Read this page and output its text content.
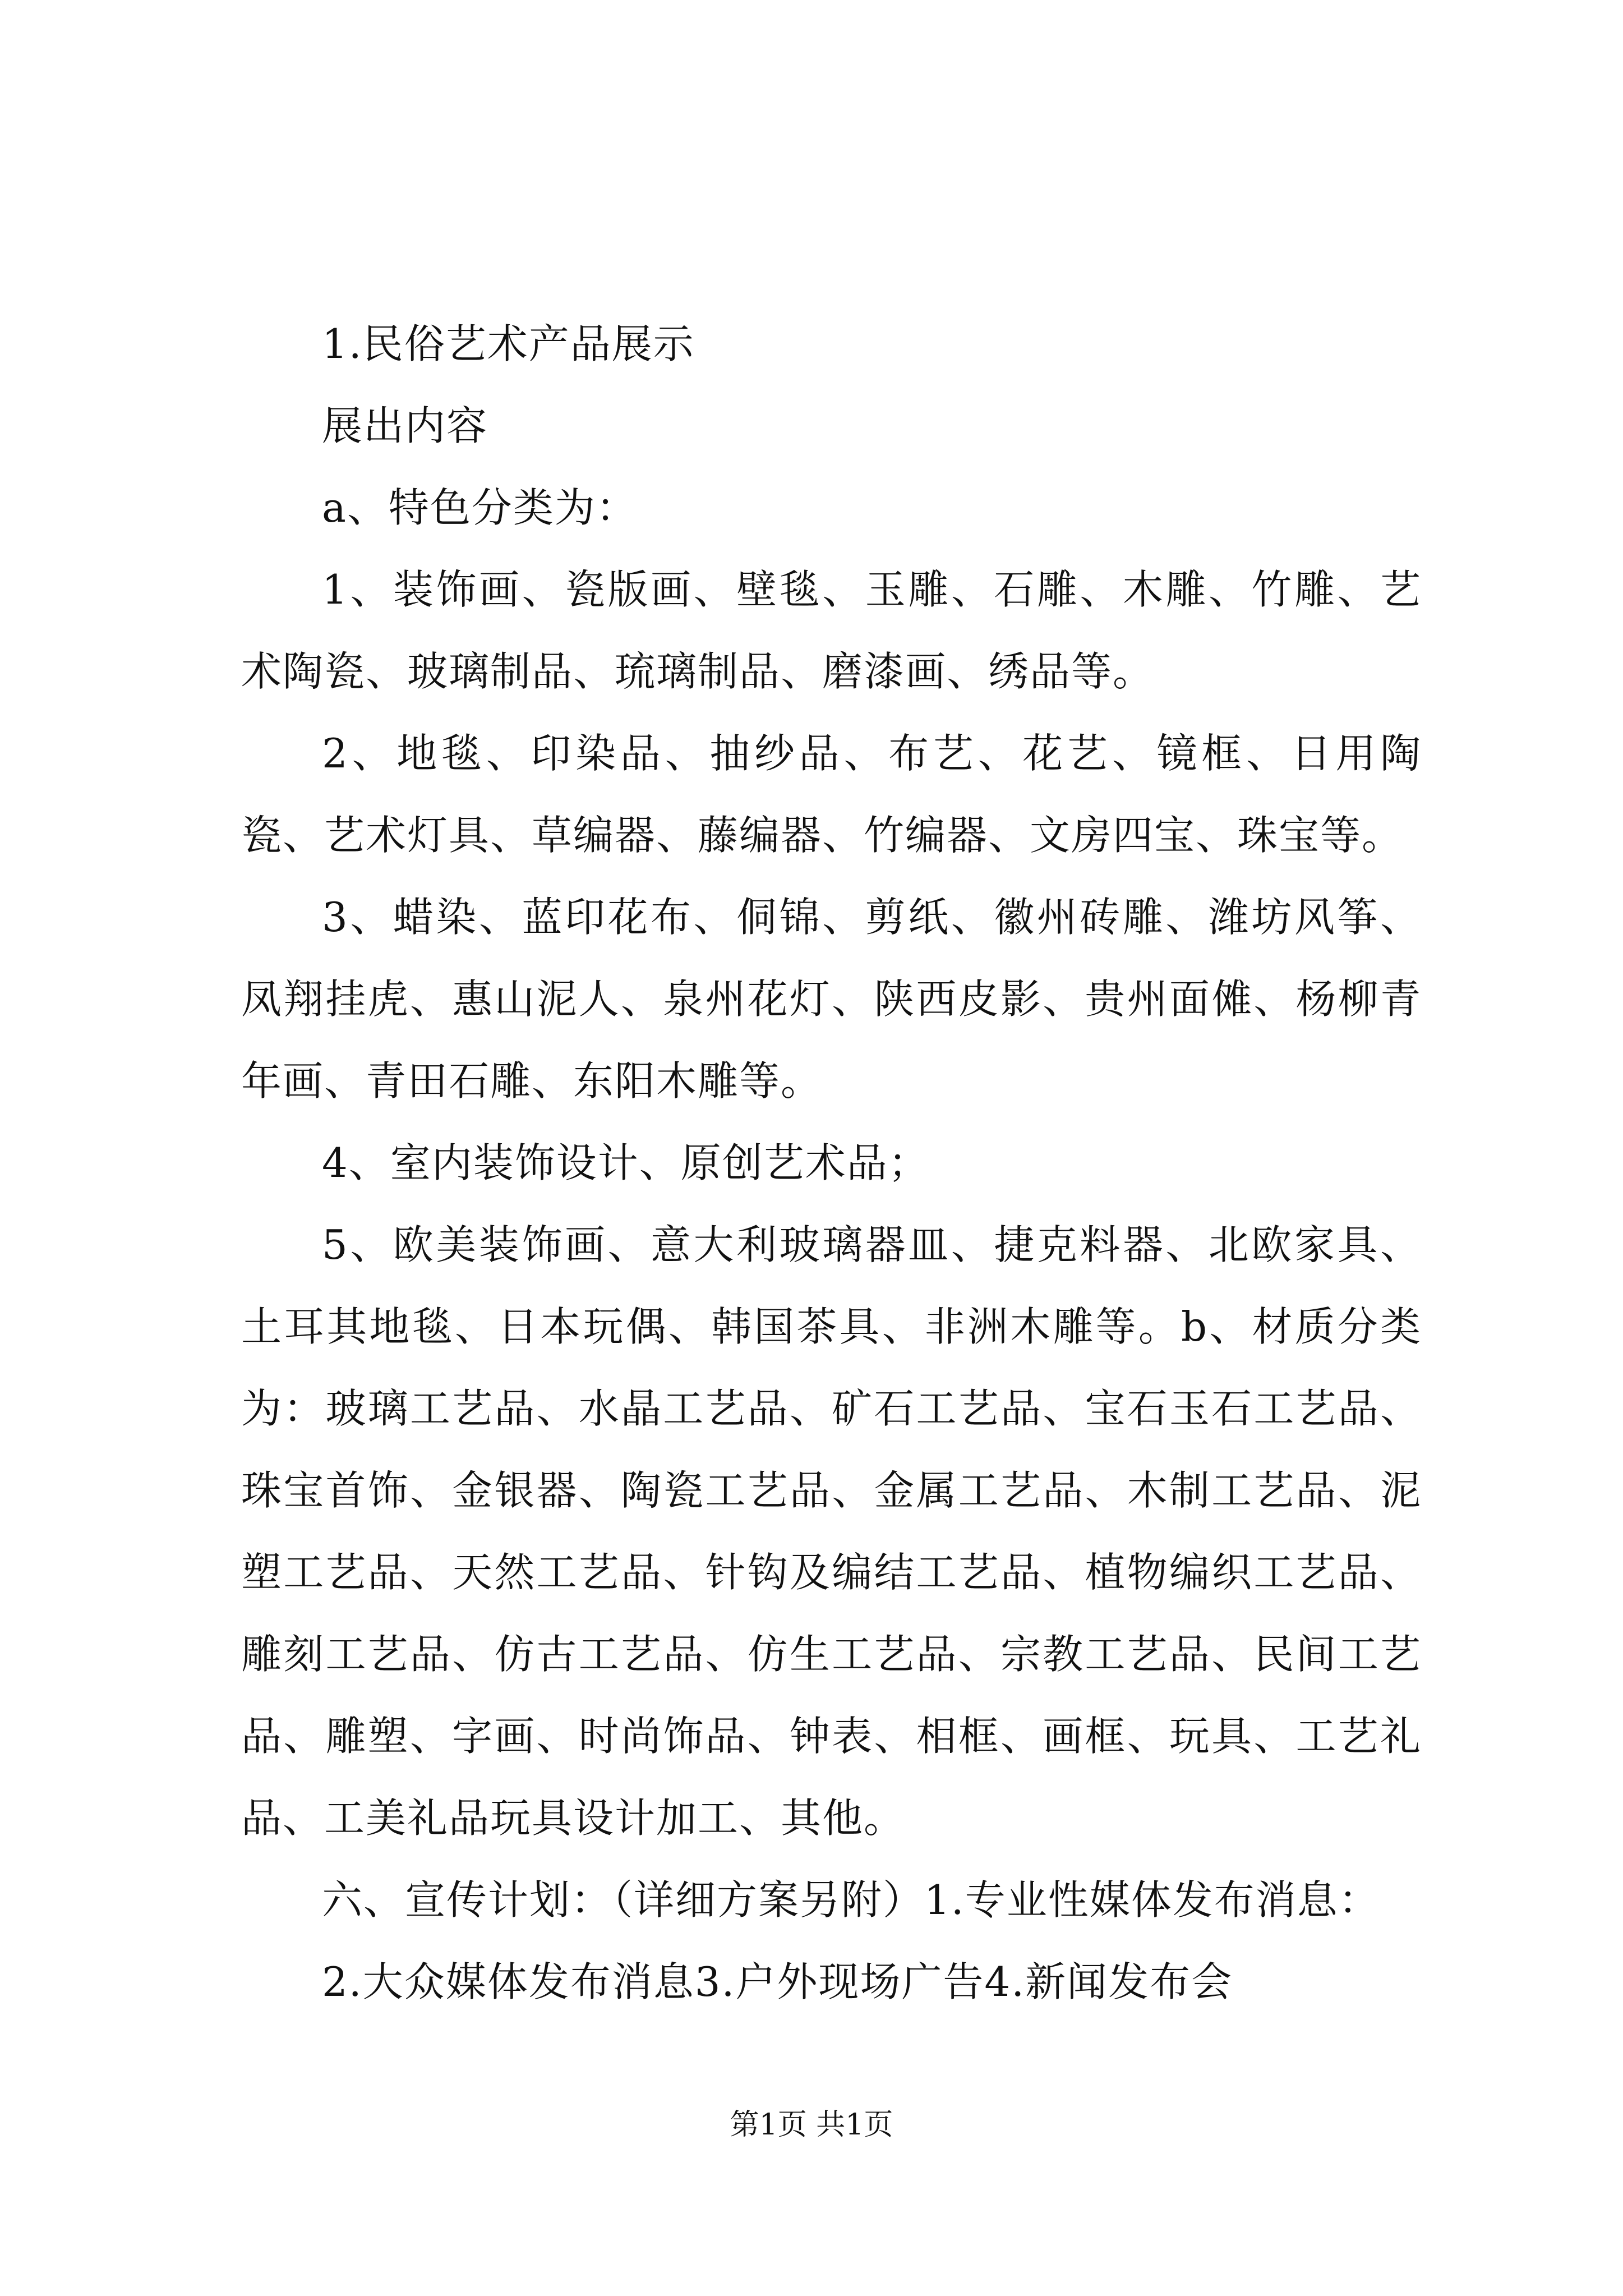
1.民俗艺术产品展示

展出内容

a、特色分类为：

1、装饰画、瓷版画、壁毯、玉雕、石雕、木雕、竹雕、艺术陶瓷、玻璃制品、琉璃制品、磨漆画、绣品等。

2、地毯、印染品、抽纱品、布艺、花艺、镜框、日用陶瓷、艺术灯具、草编器、藤编器、竹编器、文房四宝、珠宝等。

3、蜡染、蓝印花布、侗锦、剪纸、徽州砖雕、潍坊风筝、凤翔挂虎、惠山泥人、泉州花灯、陕西皮影、贵州面傩、杨柳青年画、青田石雕、东阳木雕等。

4、室内装饰设计、原创艺术品；

5、欧美装饰画、意大利玻璃器皿、捷克料器、北欧家具、土耳其地毯、日本玩偶、韩国茶具、非洲木雕等。b、材质分类为：玻璃工艺品、水晶工艺品、矿石工艺品、宝石玉石工艺品、珠宝首饰、金银器、陶瓷工艺品、金属工艺品、木制工艺品、泥塑工艺品、天然工艺品、针钩及编结工艺品、植物编织工艺品、雕刻工艺品、仿古工艺品、仿生工艺品、宗教工艺品、民间工艺品、雕塑、字画、时尚饰品、钟表、相框、画框、玩具、工艺礼品、工美礼品玩具设计加工、其他。

六、宣传计划：（详细方案另附）1.专业性媒体发布消息：

2.大众媒体发布消息3.户外现场广告4.新闻发布会

第1页 共1页
